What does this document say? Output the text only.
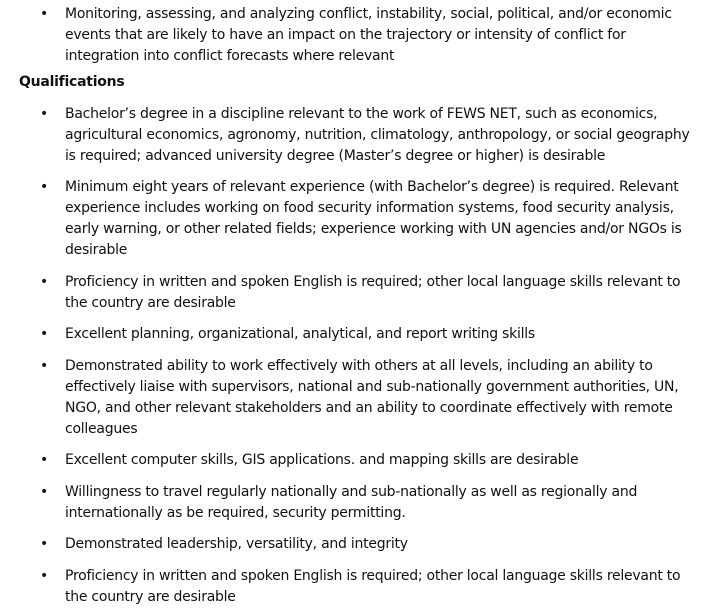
• Monitoring, assessing, and analyzing conflict, instability, social, political, and/or economic events that are likely to have an impact on the trajectory or intensity of conflict for integration into conflict forecasts where relevant
Qualifications
• Bachelor’s degree in a discipline relevant to the work of FEWS NET, such as economics, agricultural economics, agronomy, nutrition, climatology, anthropology, or social geography is required; advanced university degree (Master’s degree or higher) is desirable
• Minimum eight years of relevant experience (with Bachelor’s degree) is required. Relevant experience includes working on food security information systems, food security analysis, early warning, or other related fields; experience working with UN agencies and/or NGOs is desirable
• Proficiency in written and spoken English is required; other local language skills relevant to the country are desirable
• Excellent planning, organizational, analytical, and report writing skills
• Demonstrated ability to work effectively with others at all levels, including an ability to effectively liaise with supervisors, national and sub-nationally government authorities, UN, NGO, and other relevant stakeholders and an ability to coordinate effectively with remote colleagues
• Excellent computer skills, GIS applications. and mapping skills are desirable
• Willingness to travel regularly nationally and sub-nationally as well as regionally and internationally as be required, security permitting.
• Demonstrated leadership, versatility, and integrity
• Proficiency in written and spoken English is required; other local language skills relevant to the country are desirable
